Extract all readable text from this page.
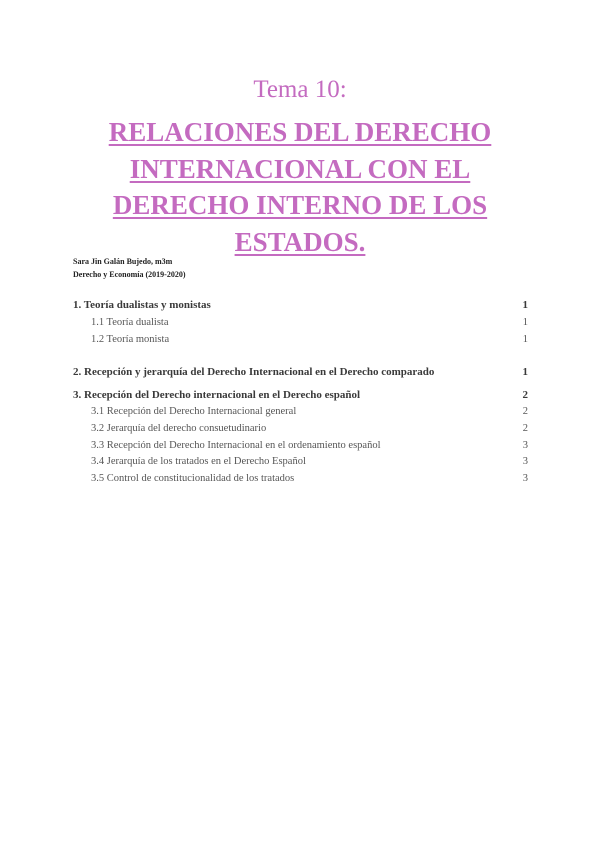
Tema 10:
RELACIONES DEL DERECHO INTERNACIONAL CON EL DERECHO INTERNO DE LOS ESTADOS.
Sara Jin Galán Bujedo, m3m
Derecho y Economía (2019-2020)
1. Teoría dualistas y monistas	1
1.1 Teoría dualista	1
1.2 Teoría monista	1
2. Recepción y jerarquía del Derecho Internacional en el Derecho comparado	1
3. Recepción del Derecho internacional en el Derecho español	2
3.1 Recepción del Derecho Internacional general	2
3.2 Jerarquía del derecho consuetudinario	2
3.3 Recepción del Derecho Internacional en el ordenamiento español	3
3.4 Jerarquía de los tratados en el Derecho Español	3
3.5 Control de constitucionalidad de los tratados	3
